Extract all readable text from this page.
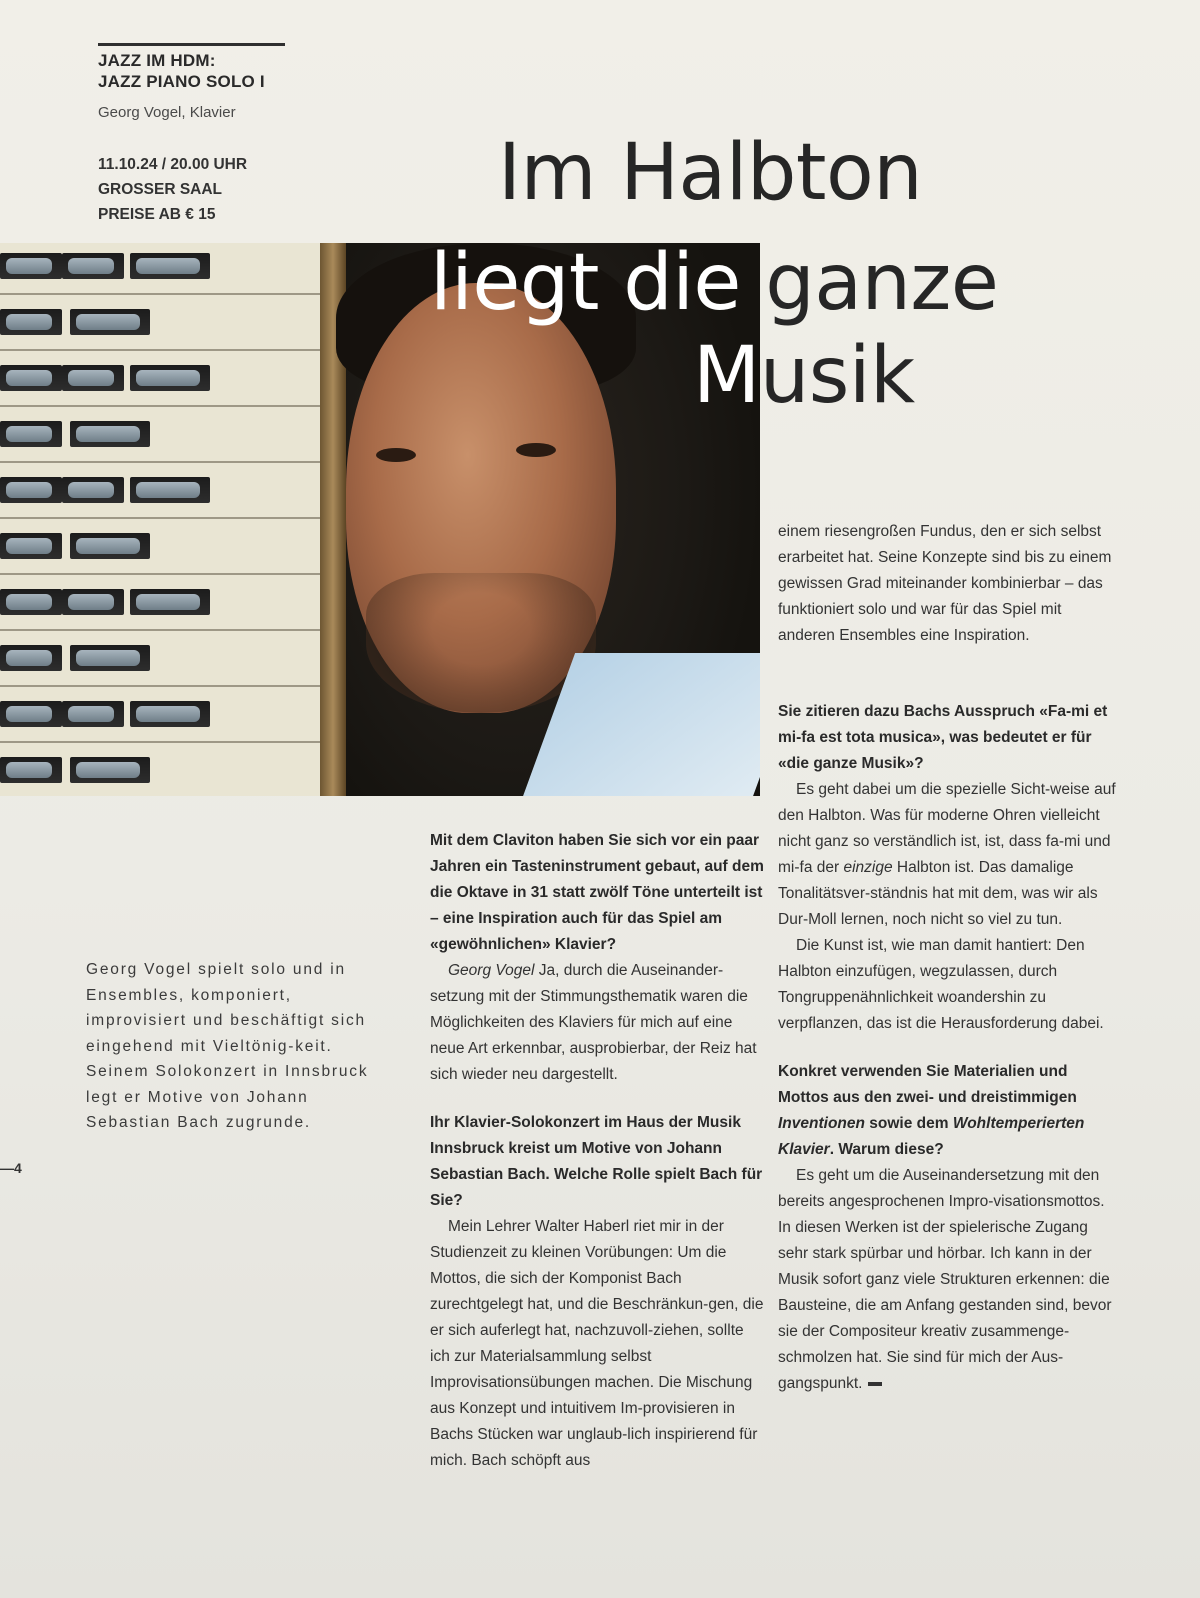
JAZZ IM HDM:
JAZZ PIANO SOLO I
Georg Vogel, Klavier
11.10.24 / 20.00 UHR
GROSSER SAAL
PREISE AB € 15	Im Halbton
liegt die ganze
Musik
Georg Vogel spielt solo und in Ensembles, komponiert, improvisiert und beschäftigt sich eingehend mit Vieltönig-keit. Seinem Solokonzert in Innsbruck legt er Motive von Johann Sebastian Bach zugrunde.
—4

Mit dem Claviton haben Sie sich vor ein paar Jahren ein Tasteninstrument gebaut, auf dem die Oktave in 31 statt zwölf Töne unterteilt ist – eine Inspiration auch für das Spiel am «gewöhnlichen» Klavier?

Georg Vogel Ja, durch die Auseinander-setzung mit der Stimmungsthematik waren die Möglichkeiten des Klaviers für mich auf eine neue Art erkennbar, ausprobierbar, der Reiz hat sich wieder neu dargestellt.

Ihr Klavier-Solokonzert im Haus der Musik Innsbruck kreist um Motive von Johann Sebastian Bach. Welche Rolle spielt Bach für Sie?

Mein Lehrer Walter Haberl riet mir in der Studienzeit zu kleinen Vorübungen: Um die Mottos, die sich der Komponist Bach zurechtgelegt hat, und die Beschränkun-gen, die er sich auferlegt hat, nachzuvoll-ziehen, sollte ich zur Materialsammlung selbst Improvisationsübungen machen. Die Mischung aus Konzept und intuitivem Im-provisieren in Bachs Stücken war unglaub-lich inspirierend für mich. Bach schöpft aus

einem riesengroßen Fundus, den er sich selbst erarbeitet hat. Seine Konzepte sind bis zu einem gewissen Grad miteinander kombinierbar – das funktioniert solo und war für das Spiel mit anderen Ensembles eine Inspiration.

Sie zitieren dazu Bachs Ausspruch «Fa-mi et mi-fa est tota musica», was bedeutet er für «die ganze Musik»?

Es geht dabei um die spezielle Sicht-weise auf den Halbton. Was für moderne Ohren vielleicht nicht ganz so verständlich ist, ist, dass fa-mi und mi-fa der einzige Halbton ist. Das damalige Tonalitätsver-ständnis hat mit dem, was wir als Dur-Moll lernen, noch nicht so viel zu tun.

Die Kunst ist, wie man damit hantiert: Den Halbton einzufügen, wegzulassen, durch Tongruppenähnlichkeit woandershin zu verpflanzen, das ist die Herausforderung dabei.

Konkret verwenden Sie Materialien und Mottos aus den zwei- und dreistimmigen Inventionen sowie dem Wohltemperierten Klavier. Warum diese?

Es geht um die Auseinandersetzung mit den bereits angesprochenen Impro-visationsmottos. In diesen Werken ist der spielerische Zugang sehr stark spürbar und hörbar. Ich kann in der Musik sofort ganz viele Strukturen erkennen: die Bausteine, die am Anfang gestanden sind, bevor sie der Compositeur kreativ zusammenge-schmolzen hat. Sie sind für mich der Aus-gangspunkt.
